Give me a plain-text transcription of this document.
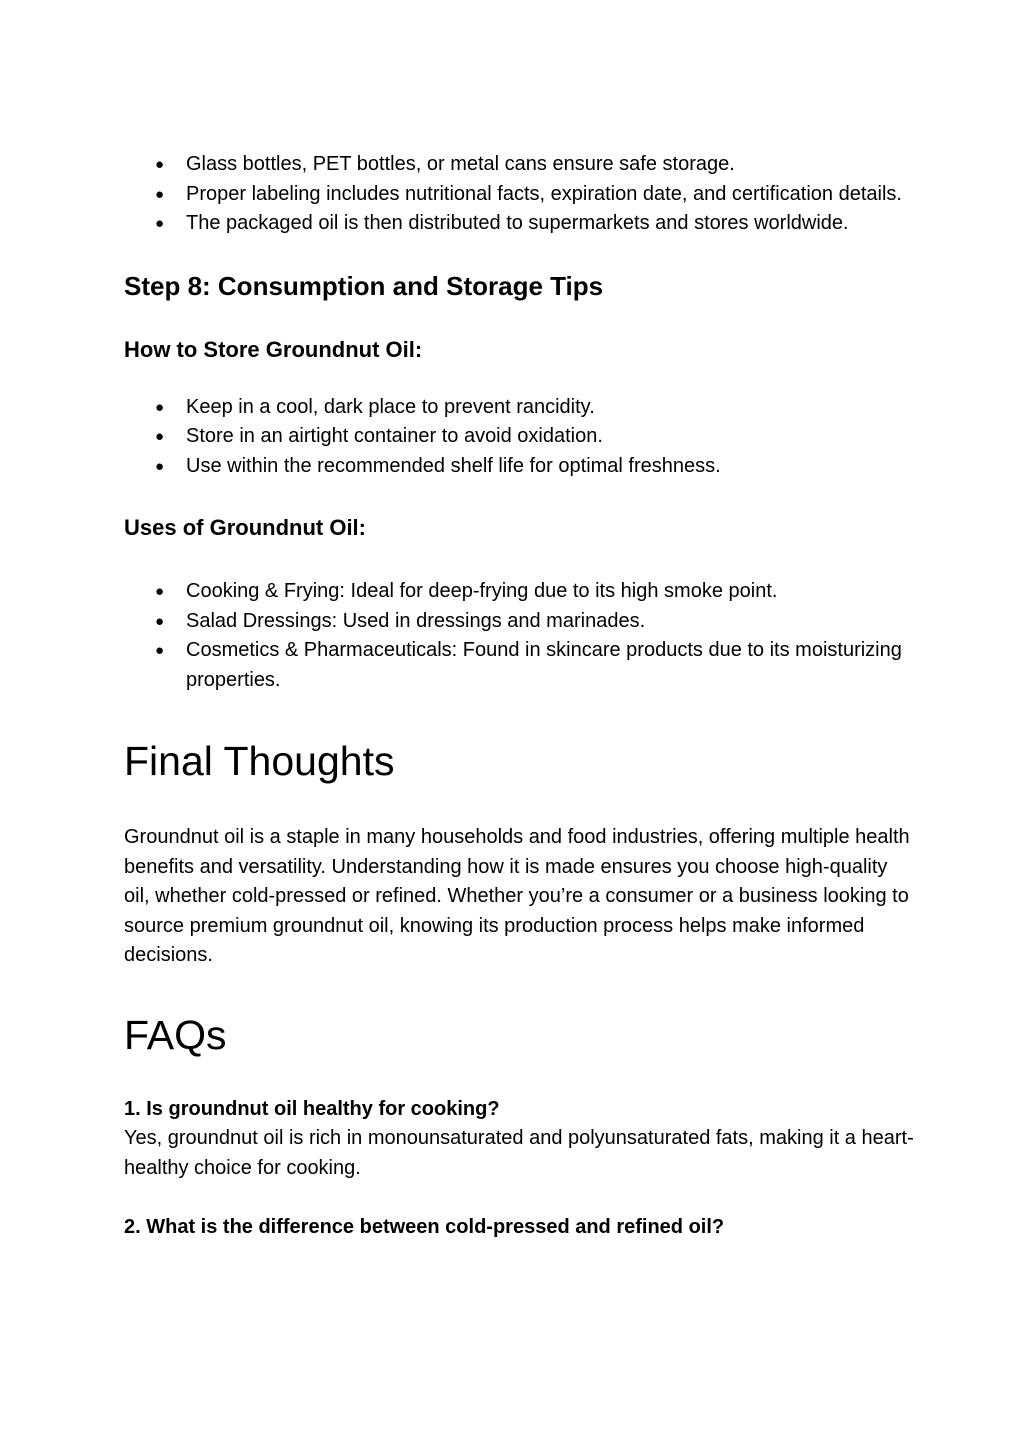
● Glass bottles, PET bottles, or metal cans ensure safe storage.
● Proper labeling includes nutritional facts, expiration date, and certification details.
● The packaged oil is then distributed to supermarkets and stores worldwide.
Step 8: Consumption and Storage Tips
How to Store Groundnut Oil:
● Keep in a cool, dark place to prevent rancidity.
● Store in an airtight container to avoid oxidation.
● Use within the recommended shelf life for optimal freshness.
Uses of Groundnut Oil:
● Cooking & Frying: Ideal for deep-frying due to its high smoke point.
● Salad Dressings: Used in dressings and marinades.
● Cosmetics & Pharmaceuticals: Found in skincare products due to its moisturizing properties.
Final Thoughts

Groundnut oil is a staple in many households and food industries, offering multiple health benefits and versatility. Understanding how it is made ensures you choose high-quality oil, whether cold-pressed or refined. Whether you’re a consumer or a business looking to source premium groundnut oil, knowing its production process helps make informed decisions.

FAQs

1. Is groundnut oil healthy for cooking?

Yes, groundnut oil is rich in monounsaturated and polyunsaturated fats, making it a heart-healthy choice for cooking.

2. What is the difference between cold-pressed and refined oil?
